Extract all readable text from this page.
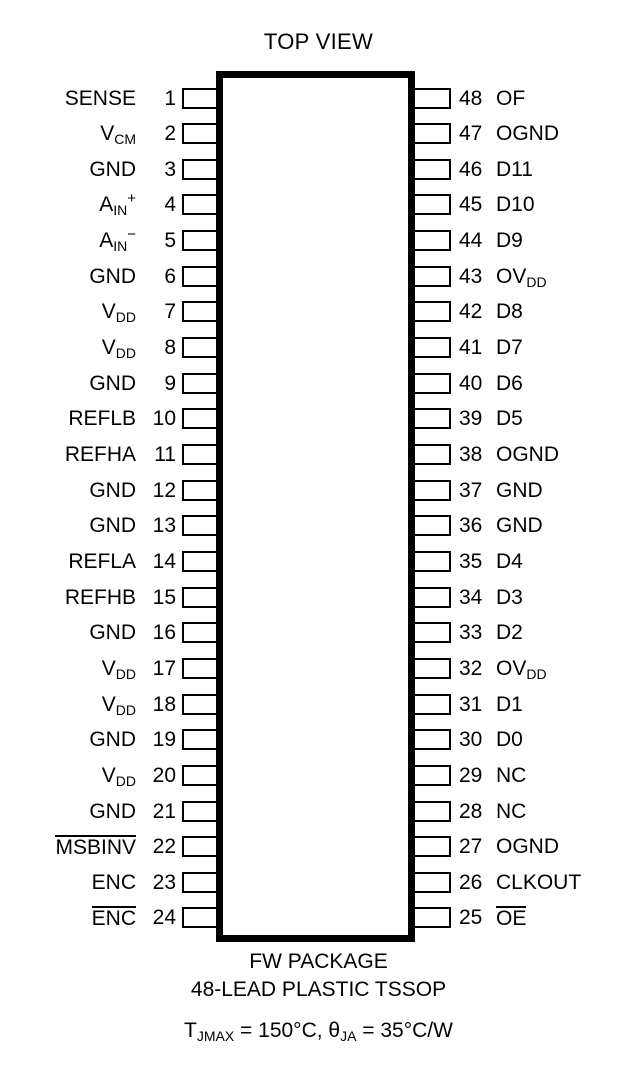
TOP VIEW
SENSE	1
$V_{CM}$	2
GND	3
$A_{IN}^+$	4
$A_{IN}^-$	5
GND	6
$V_{DD}$	7
$V_{DD}$	8
GND	9
REFLB 10
REFHA 11
GND 12
GND 13
REFLA 14
REFHB 15
GND 16
$V_{DD}$ 17
$V_{DD}$ 18
GND 19
$V_{DD}$ 20
GND 21
MSBINV 22
ENC 23
ENC 24
48 OF
47 OGND
46 D11
45 D10
44 D9
43 $OV_{DD}$
42 D8
41 D7
40 D6
39 D5
38 OGND
37 GND
36 GND
35 D4
34 D3
33 D2
32 $OV_{DD}$
31 D1
30 D0
29 NC
28 NC
27 OGND
26 CLKOUT
25 OE
FW PACKAGE
48-LEAD PLASTIC TSSOP
$T_{JMAX} = 150^\circ C$, $\theta_{JA} = 35^\circ C/W$
